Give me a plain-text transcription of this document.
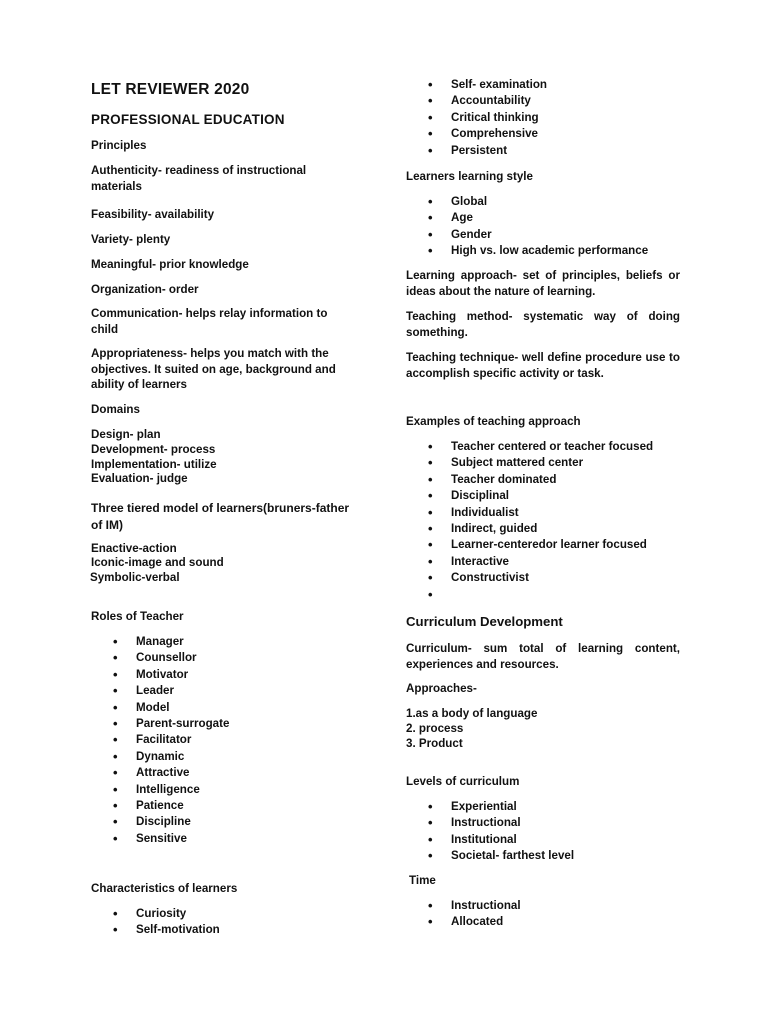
LET REVIEWER 2020
PROFESSIONAL EDUCATION
Principles
Authenticity- readiness of instructional materials
Feasibility- availability
Variety- plenty
Meaningful- prior knowledge
Organization- order
Communication- helps relay information to child
Appropriateness- helps you match with the objectives. It suited on age, background and ability of learners
Domains
Design- plan
Development- process
Implementation- utilize
Evaluation- judge
Three tiered model of learners(bruners-father of IM)
Enactive-action
Iconic-image and sound
Symbolic-verbal
Roles of Teacher
• Manager
• Counsellor
• Motivator
• Leader
• Model
• Parent-surrogate
• Facilitator
• Dynamic
• Attractive
• Intelligence
• Patience
• Discipline
• Sensitive
Characteristics of learners
• Curiosity
• Self-motivation
• Self- examination
• Accountability
• Critical thinking
• Comprehensive
• Persistent
Learners learning style
• Global
• Age
• Gender
• High vs. low academic performance
Learning approach- set of principles, beliefs or ideas about the nature of learning.
Teaching method- systematic way of doing something.
Teaching technique- well define procedure use to accomplish specific activity or task.
Examples of teaching approach
• Teacher centered or teacher focused
• Subject mattered center
• Teacher dominated
• Disciplinal
• Individualist
• Indirect, guided
• Learner-centeredor learner focused
• Interactive
• Constructivist
•
Curriculum Development
Curriculum- sum total of learning content, experiences and resources.
Approaches-
1.as a body of language
2. process
3. Product
Levels of curriculum
• Experiential
• Instructional
• Institutional
• Societal- farthest level
Time
• Instructional
• Allocated
